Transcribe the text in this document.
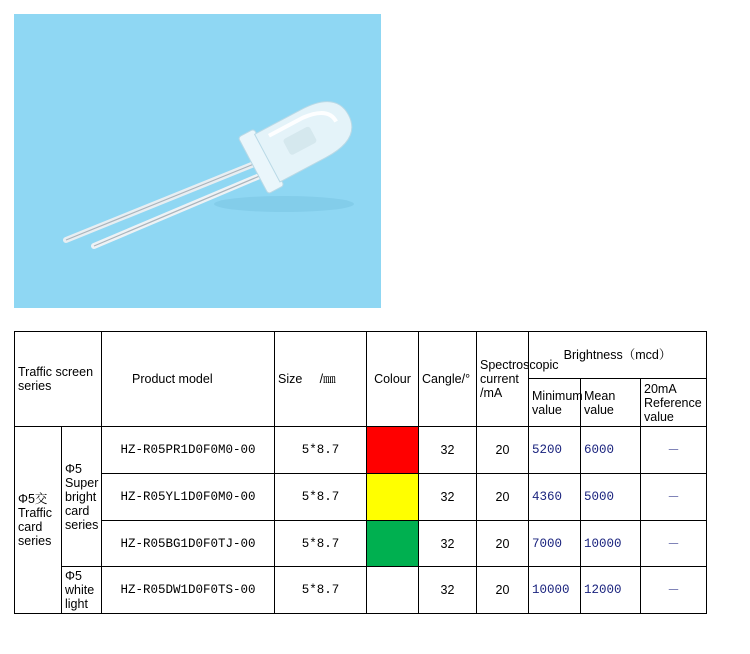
Traffic screen series		Product model	Size     /㎜	Colour	Cangle/°	Spectroscopic current /mA	Brightness（mcd）		
							Minimum value	Mean value	20mA Reference value
Φ5交 Traffic card series	Φ5 Super bright card series	HZ-R05PR1D0F0M0-00	5*8.7		32	20	5200	6000	－
		HZ-R05YL1D0F0M0-00	5*8.7		32	20	4360	5000	－
		HZ-R05BG1D0F0TJ-00	5*8.7		32	20	7000	10000	－
	Φ5 white light	HZ-R05DW1D0F0TS-00	5*8.7		32	20	10000	12000	－
